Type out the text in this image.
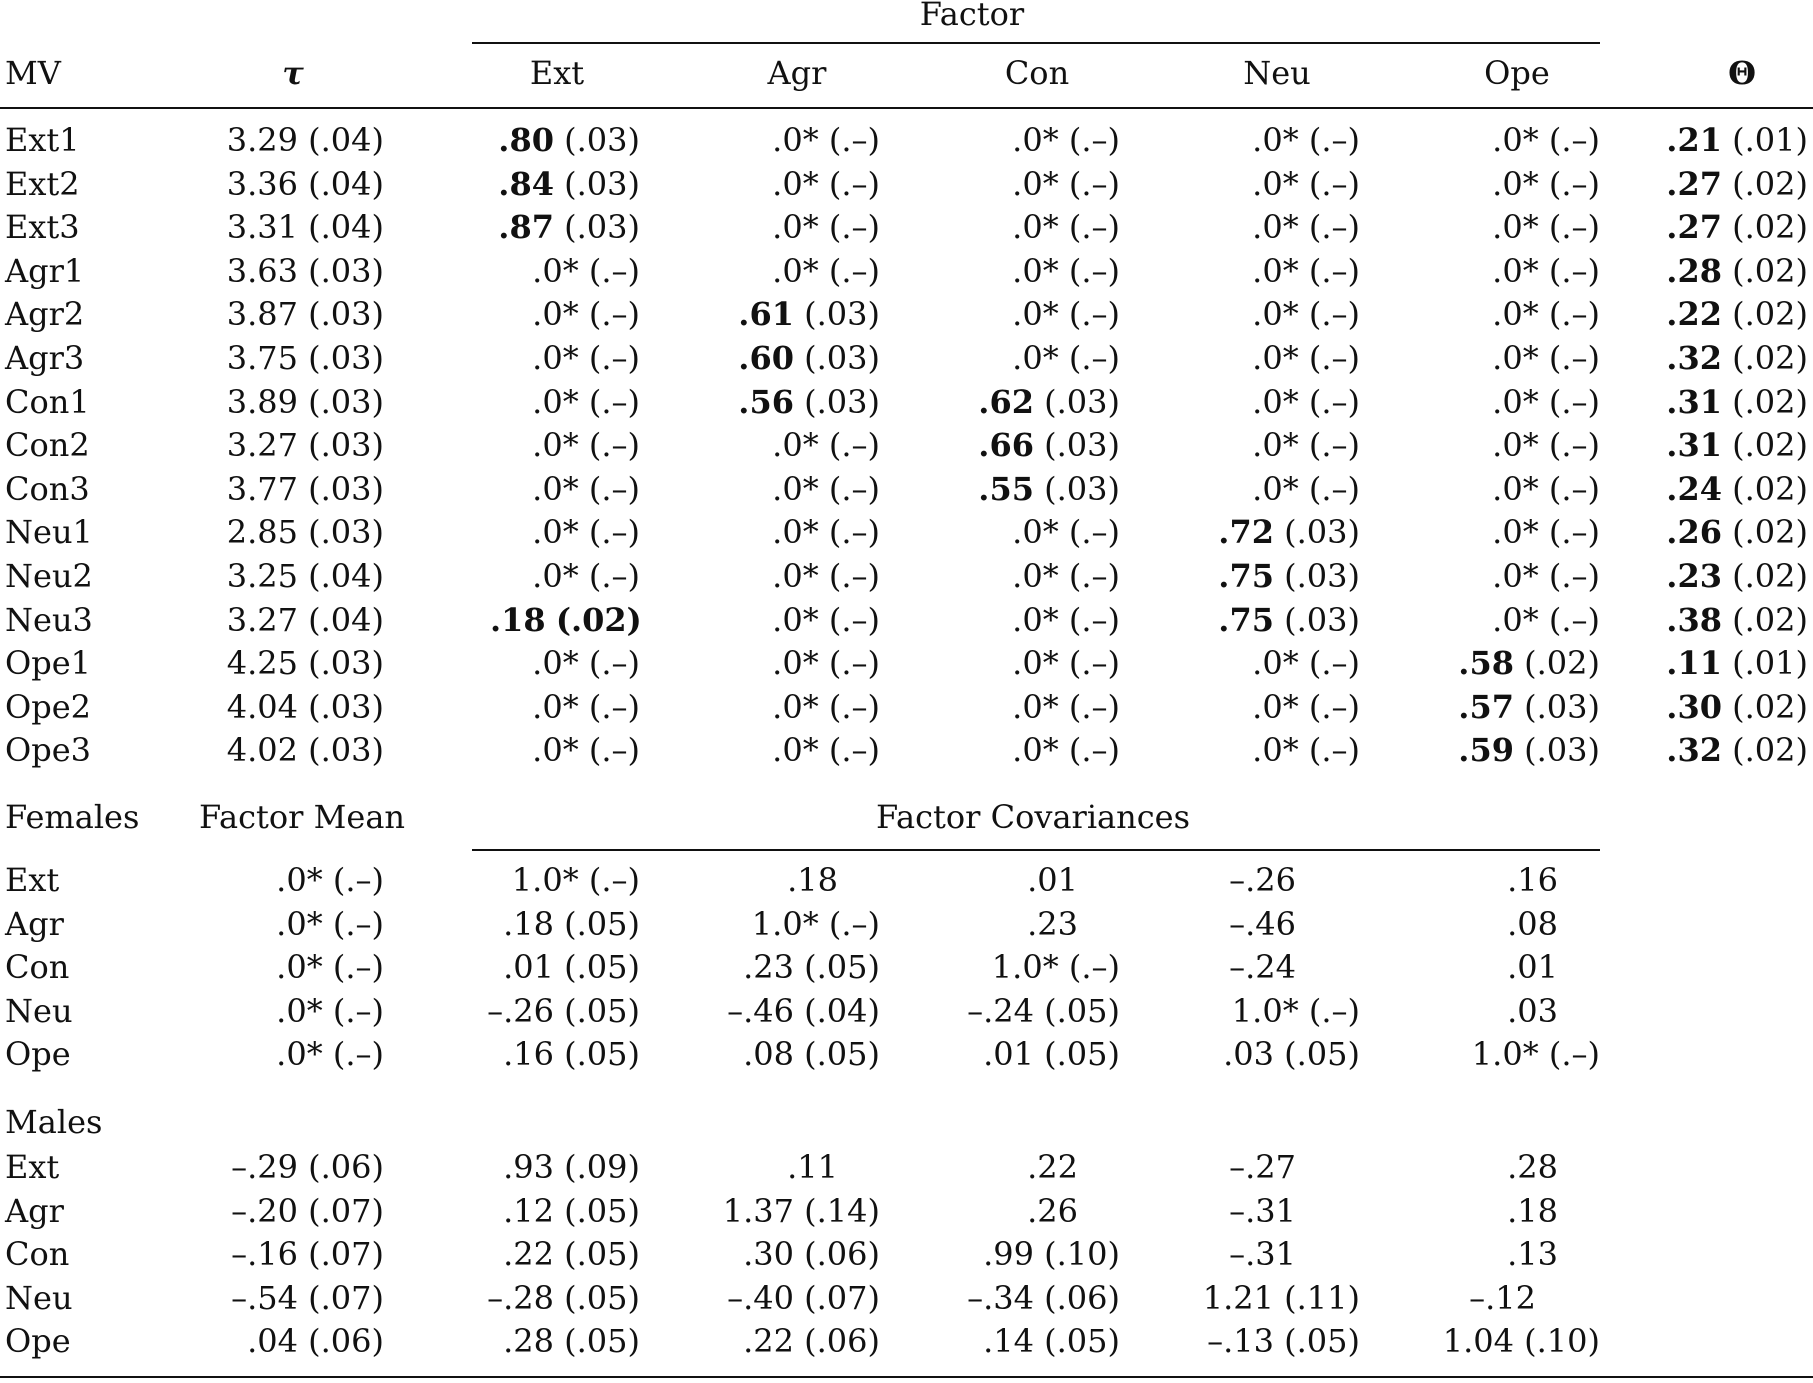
Factor
MV	τ	Ext	Agr	Con	Neu	Ope	Θ
Ext1	3.29 (.04)	.80 (.03)	.0* (.–)	.0* (.–)	.0* (.–)	.0* (.–)	.21 (.01)
Ext2	3.36 (.04)	.84 (.03)	.0* (.–)	.0* (.–)	.0* (.–)	.0* (.–)	.27 (.02)
Ext3	3.31 (.04)	.87 (.03)	.0* (.–)	.0* (.–)	.0* (.–)	.0* (.–)	.27 (.02)
Agr1	3.63 (.03)	.0* (.–)	.0* (.–)	.0* (.–)	.0* (.–)	.0* (.–)	.28 (.02)
Agr2	3.87 (.03)	.0* (.–)	.61 (.03)	.0* (.–)	.0* (.–)	.0* (.–)	.22 (.02)
Agr3	3.75 (.03)	.0* (.–)	.60 (.03)	.0* (.–)	.0* (.–)	.0* (.–)	.32 (.02)
Con1	3.89 (.03)	.0* (.–)	.56 (.03)	.62 (.03)	.0* (.–)	.0* (.–)	.31 (.02)
Con2	3.27 (.03)	.0* (.–)	.0* (.–)	.66 (.03)	.0* (.–)	.0* (.–)	.31 (.02)
Con3	3.77 (.03)	.0* (.–)	.0* (.–)	.55 (.03)	.0* (.–)	.0* (.–)	.24 (.02)
Neu1	2.85 (.03)	.0* (.–)	.0* (.–)	.0* (.–)	.72 (.03)	.0* (.–)	.26 (.02)
Neu2	3.25 (.04)	.0* (.–)	.0* (.–)	.0* (.–)	.75 (.03)	.0* (.–)	.23 (.02)
Neu3	3.27 (.04)	.18 (.02)	.0* (.–)	.0* (.–)	.75 (.03)	.0* (.–)	.38 (.02)
Ope1	4.25 (.03)	.0* (.–)	.0* (.–)	.0* (.–)	.0* (.–)	.58 (.02)	.11 (.01)
Ope2	4.04 (.03)	.0* (.–)	.0* (.–)	.0* (.–)	.0* (.–)	.57 (.03)	.30 (.02)
Ope3	4.02 (.03)	.0* (.–)	.0* (.–)	.0* (.–)	.0* (.–)	.59 (.03)	.32 (.02)
Females	Factor Mean	Factor Covariances
Ext	.0* (.–)	1.0* (.–)	.18	.01	–.26	.16
Agr	.0* (.–)	.18 (.05)	1.0* (.–)	.23	–.46	.08
Con	.0* (.–)	.01 (.05)	.23 (.05)	1.0* (.–)	–.24	.01
Neu	.0* (.–)	–.26 (.05)	–.46 (.04)	–.24 (.05)	1.0* (.–)	.03
Ope	.0* (.–)	.16 (.05)	.08 (.05)	.01 (.05)	.03 (.05)	1.0* (.–)
Males
Ext	–.29 (.06)	.93 (.09)	.11	.22	–.27	.28
Agr	–.20 (.07)	.12 (.05)	1.37 (.14)	.26	–.31	.18
Con	–.16 (.07)	.22 (.05)	.30 (.06)	.99 (.10)	–.31	.13
Neu	–.54 (.07)	–.28 (.05)	–.40 (.07)	–.34 (.06)	1.21 (.11)	–.12
Ope	.04 (.06)	.28 (.05)	.22 (.06)	.14 (.05)	–.13 (.05)	1.04 (.10)
